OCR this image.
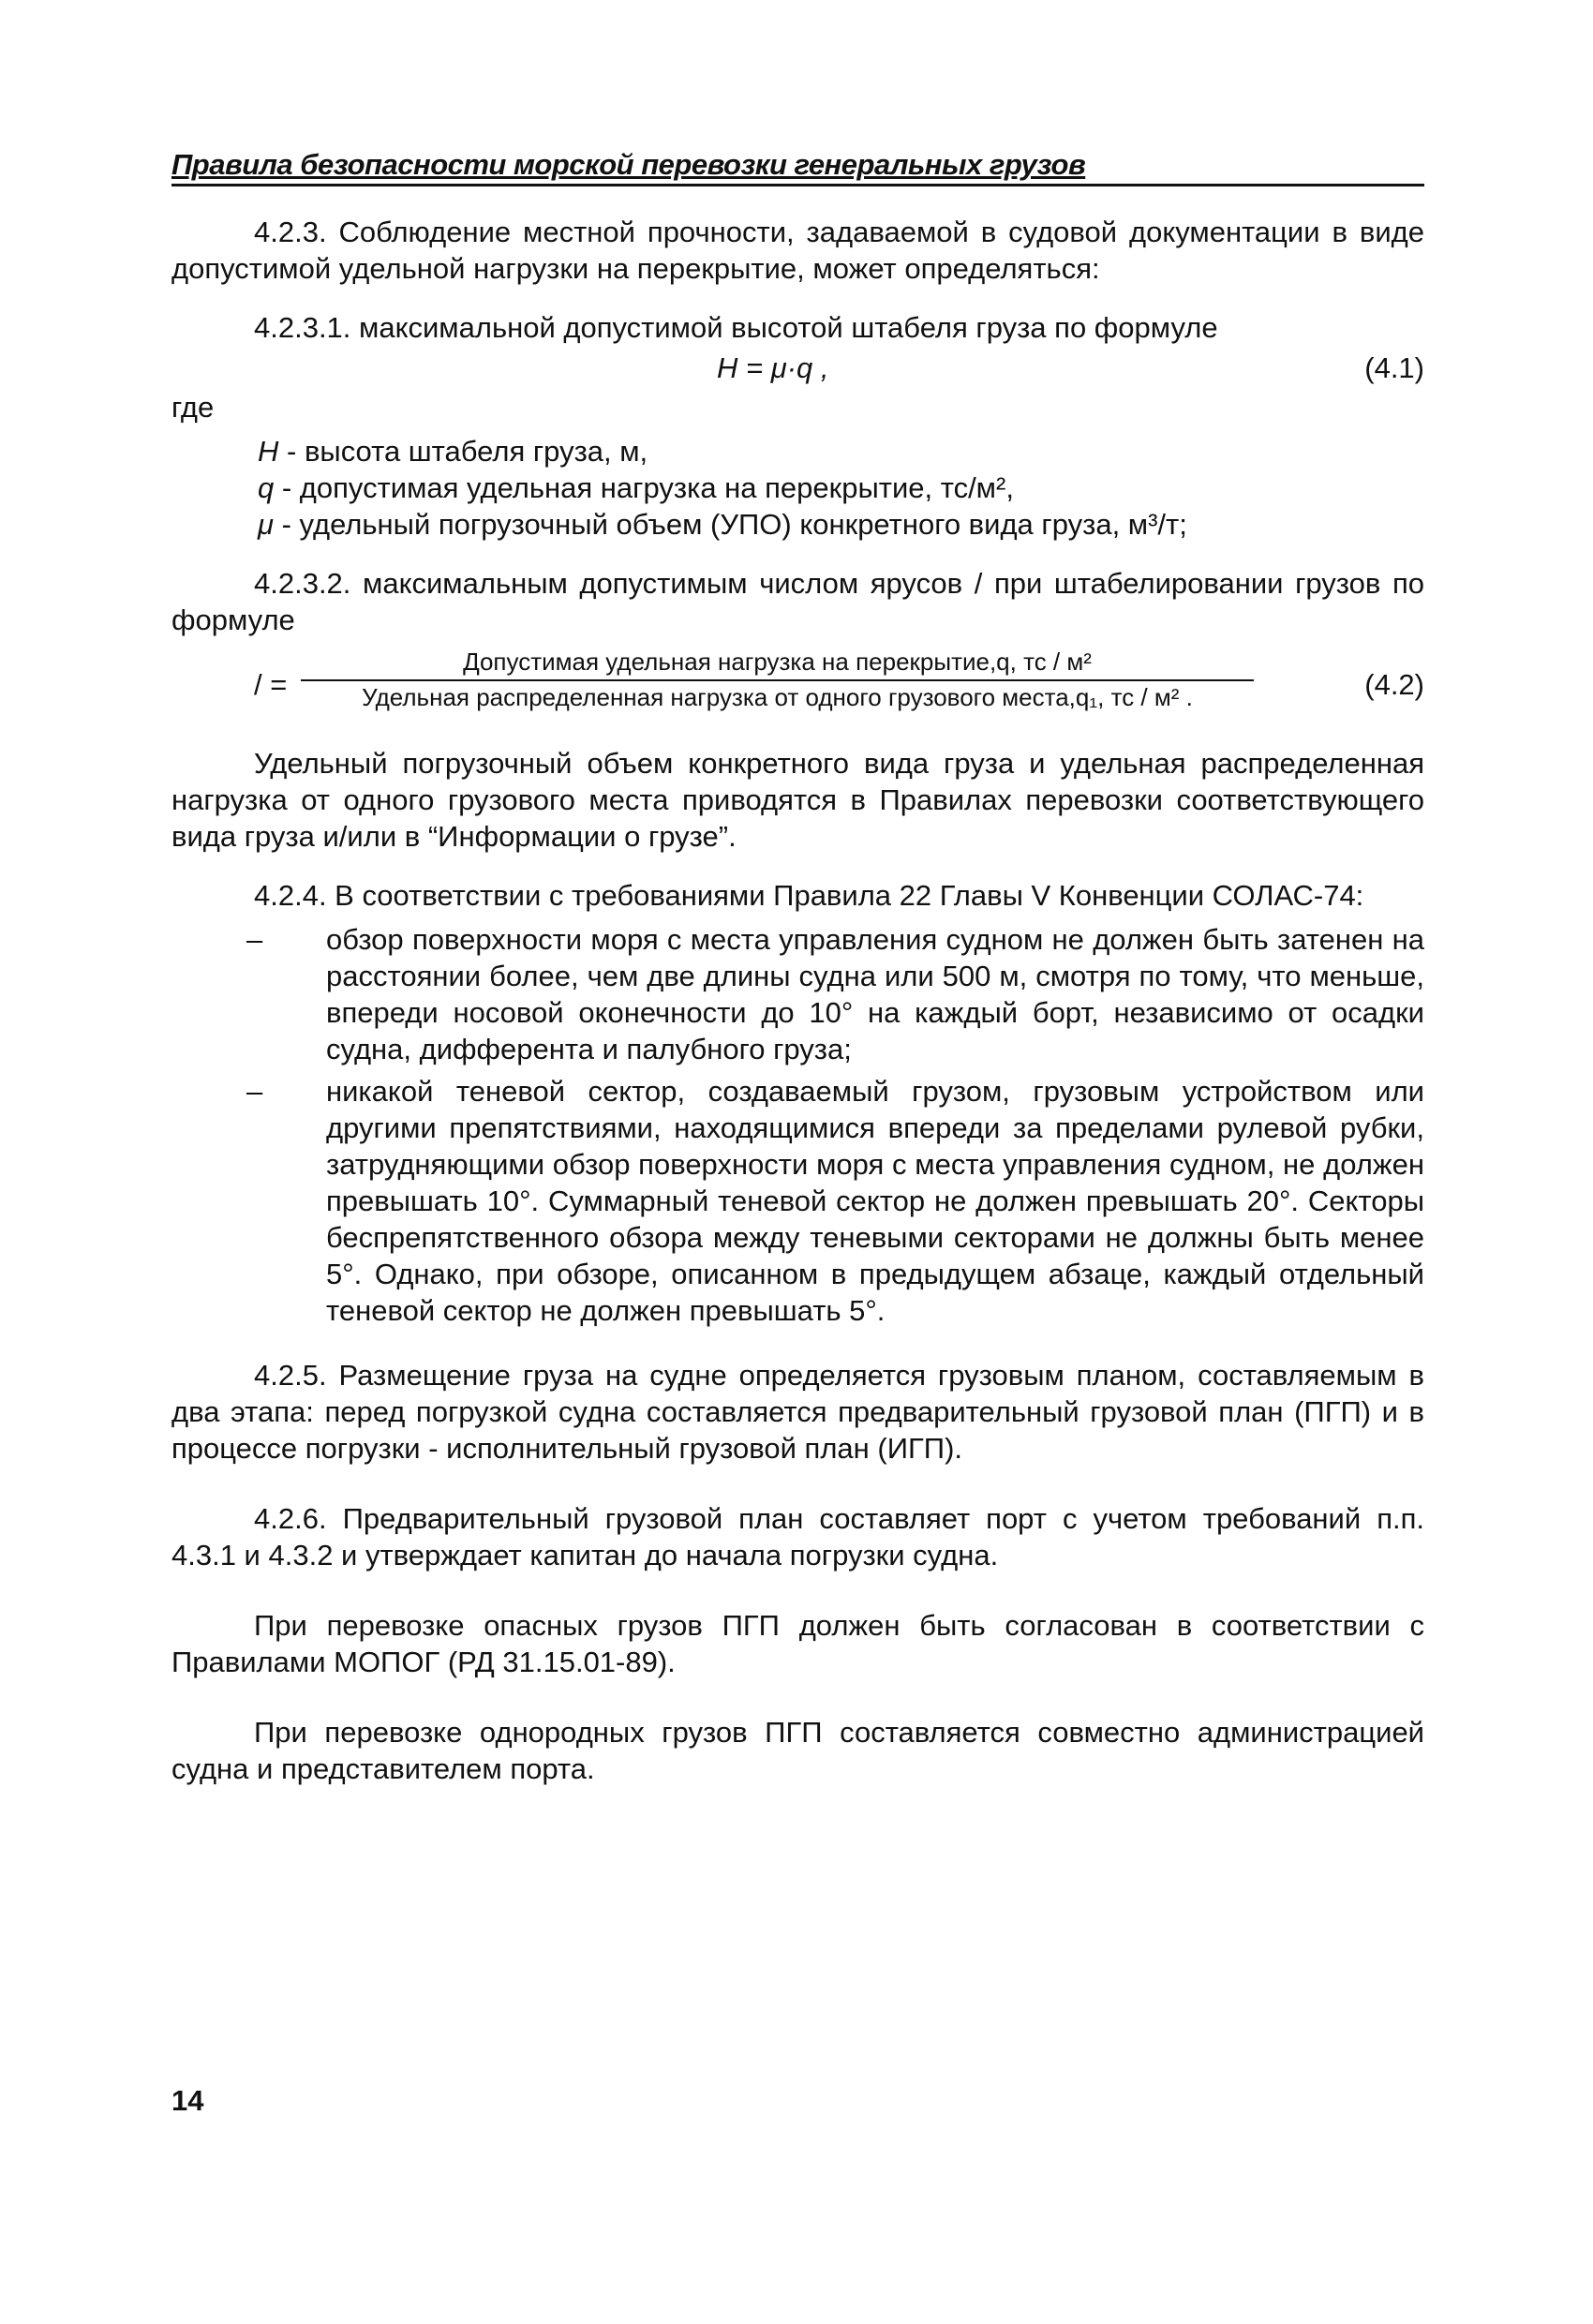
Правила безопасности морской перевозки генеральных грузов

4.2.3. Соблюдение местной прочности, задаваемой в судовой документации в виде допустимой удельной нагрузки на перекрытие, может определяться:

4.2.3.1. максимальной допустимой высотой штабеля груза по формуле

H = μ·q ,	(4.1)

где

H - высота штабеля груза, м,
q - допустимая удельная нагрузка на перекрытие, тс/м²,
μ - удельный погрузочный объем (УПО) конкретного вида груза, м³/т;

4.2.3.2. максимальным допустимым числом ярусов / при штабелировании грузов по формуле

/ =
Допустимая удельная нагрузка на перекрытие,q, тс / м²
Удельная распределенная нагрузка от одного грузового места,q₁, тс / м² .	(4.2)

Удельный погрузочный объем конкретного вида груза и удельная распределенная нагрузка от одного грузового места приводятся в Правилах перевозки соответствующего вида груза и/или в “Информации о грузе”.

4.2.4. В соответствии с требованиями Правила 22 Главы V Конвенции СОЛАС-74:

– обзор поверхности моря с места управления судном не должен быть затенен на расстоянии более, чем две длины судна или 500 м, смотря по тому, что меньше, впереди носовой оконечности до 10° на каждый борт, независимо от осадки судна, дифферента и палубного груза;
– никакой теневой сектор, создаваемый грузом, грузовым устройством или другими препятствиями, находящимися впереди за пределами рулевой рубки, затрудняющими обзор поверхности моря с места управления судном, не должен превышать 10°. Суммарный теневой сектор не должен превышать 20°. Секторы беспрепятственного обзора между теневыми секторами не должны быть менее 5°. Однако, при обзоре, описанном в предыдущем абзаце, каждый отдельный теневой сектор не должен превышать 5°.

4.2.5. Размещение груза на судне определяется грузовым планом, составляемым в два этапа: перед погрузкой судна составляется предварительный грузовой план (ПГП) и в процессе погрузки - исполнительный грузовой план (ИГП).

4.2.6. Предварительный грузовой план составляет порт с учетом требований п.п. 4.3.1 и 4.3.2 и утверждает капитан до начала погрузки судна.

При перевозке опасных грузов ПГП должен быть согласован в соответствии с Правилами МОПОГ (РД 31.15.01-89).

При перевозке однородных грузов ПГП составляется совместно администрацией судна и представителем порта.

14
